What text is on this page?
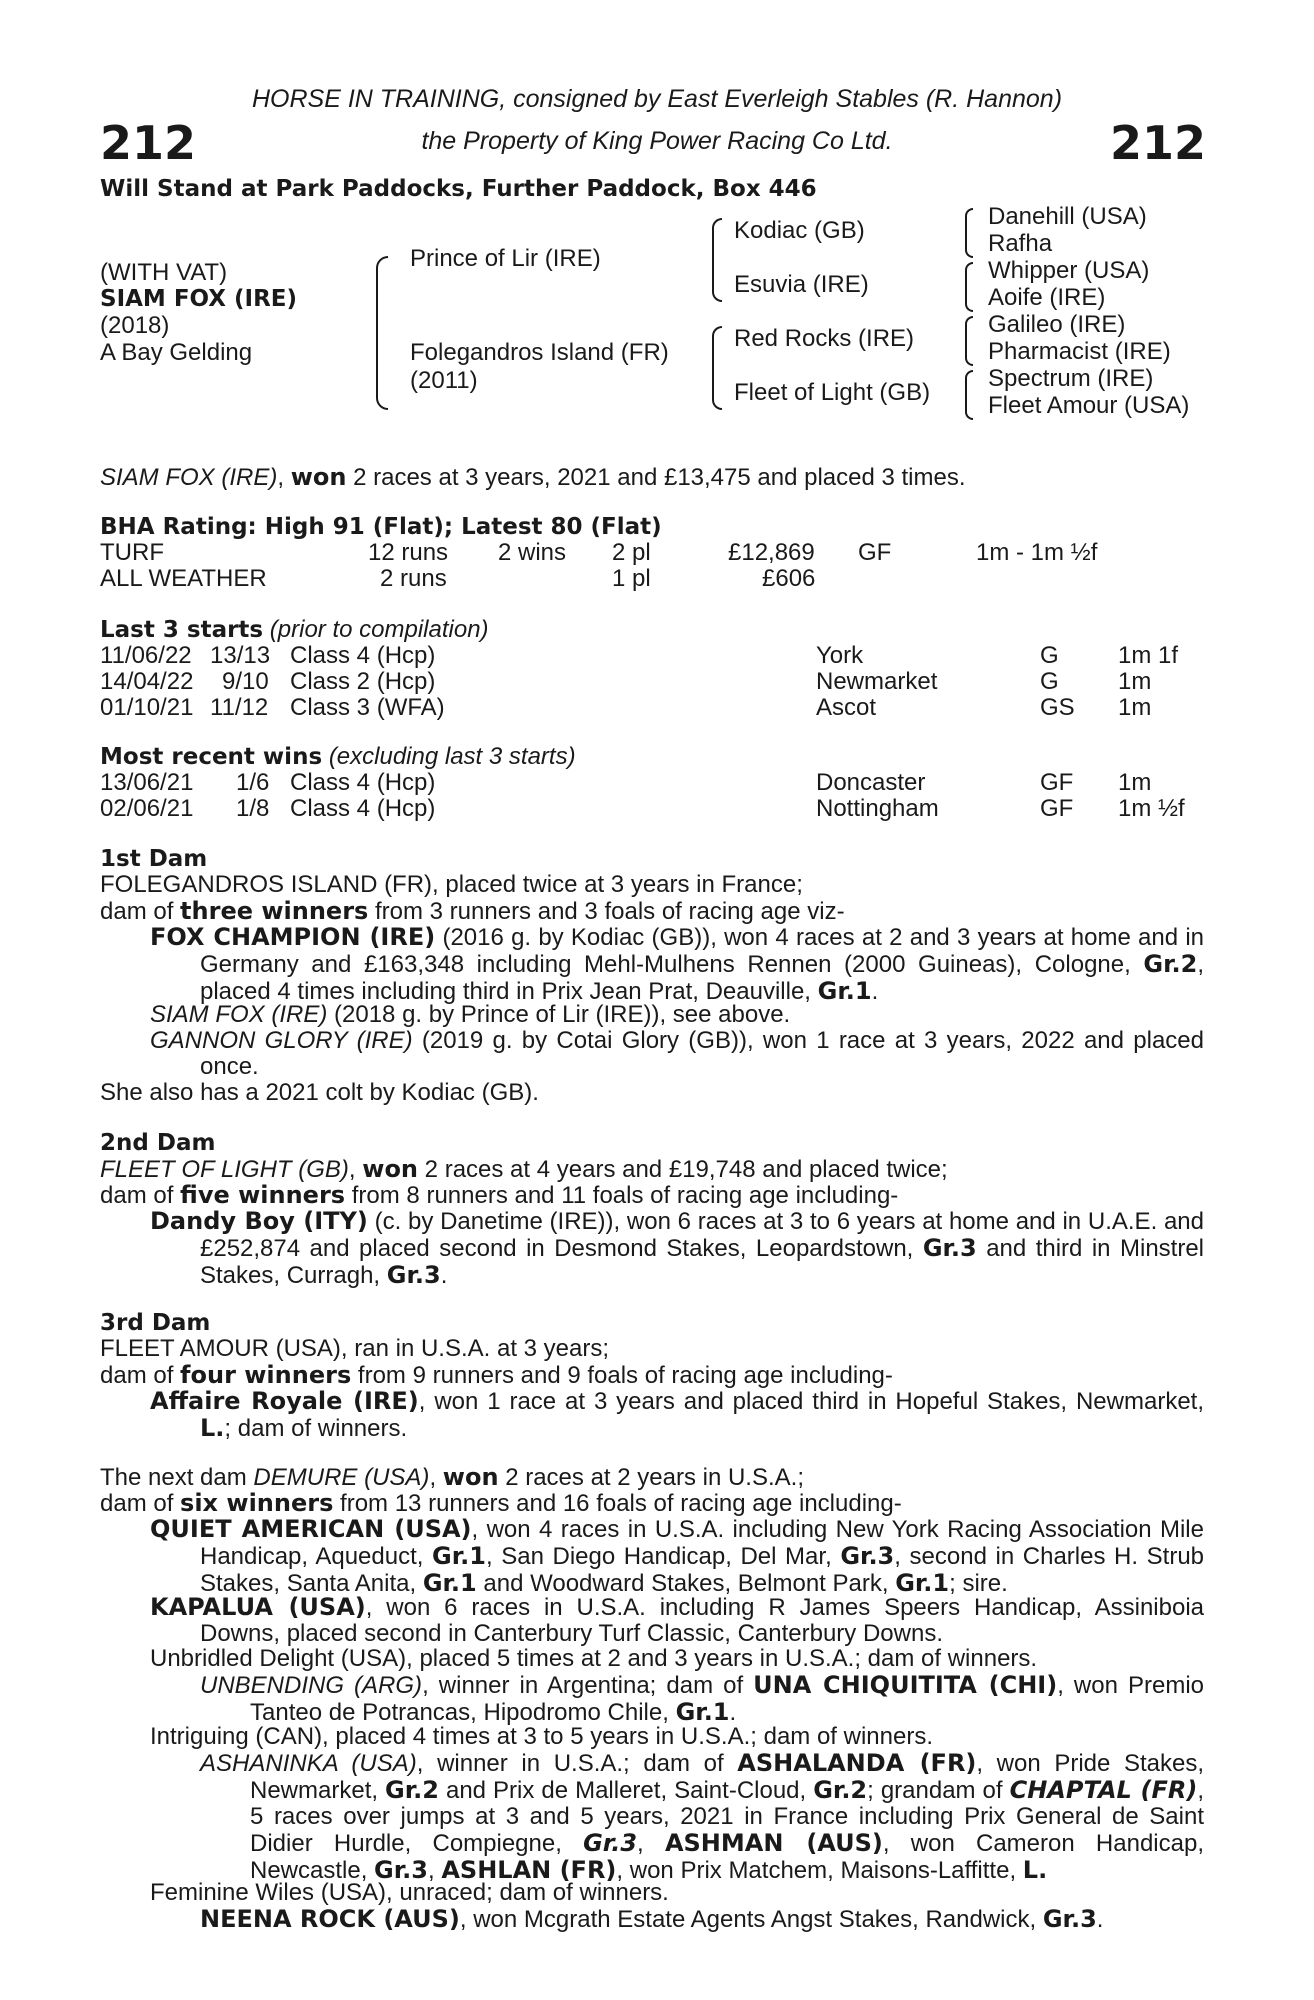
212	212
HORSE IN TRAINING, consigned by East Everleigh Stables (R. Hannon)
the Property of King Power Racing Co Ltd.
Will Stand at Park Paddocks, Further Paddock, Box 446
(WITH VAT)
SIAM FOX (IRE)
(2018)
A Bay Gelding
Prince of Lir (IRE)
Folegandros Island (FR)
(2011)
Kodiac (GB)
Esuvia (IRE)
Red Rocks (IRE)
Fleet of Light (GB)
Danehill (USA)
Rafha
Whipper (USA)
Aoife (IRE)
Galileo (IRE)
Pharmacist (IRE)
Spectrum (IRE)
Fleet Amour (USA)
SIAM FOX (IRE), won 2 races at 3 years, 2021 and £13,475 and placed 3 times.
BHA Rating: High 91 (Flat); Latest 80 (Flat)
TURF	12 runs 2 wins 2 pl	£12,869 GF	1m - 1m ½f
ALL WEATHER	2 runs	1 pl	£606
Last 3 starts (prior to compilation)
11/06/22 13/13 Class 4 (Hcp)	York	G 1m 1f
14/04/22 9/10 Class 2 (Hcp)	Newmarket	G 1m
01/10/21 11/12 Class 3 (WFA)	Ascot	GS 1m
Most recent wins (excluding last 3 starts)
13/06/21 1/6 Class 4 (Hcp)	Doncaster	GF 1m
02/06/21 1/8 Class 4 (Hcp)	Nottingham	GF 1m ½f
1st Dam
FOLEGANDROS ISLAND (FR), placed twice at 3 years in France;
dam of three winners from 3 runners and 3 foals of racing age viz-
FOX CHAMPION (IRE) (2016 g. by Kodiac (GB)), won 4 races at 2 and 3 years at home and in Germany and £163,348 including Mehl-Mulhens Rennen (2000 Guineas), Cologne, Gr.2, placed 4 times including third in Prix Jean Prat, Deauville, Gr.1.
SIAM FOX (IRE) (2018 g. by Prince of Lir (IRE)), see above.
GANNON GLORY (IRE) (2019 g. by Cotai Glory (GB)), won 1 race at 3 years, 2022 and placed once.
She also has a 2021 colt by Kodiac (GB).
2nd Dam
FLEET OF LIGHT (GB), won 2 races at 4 years and £19,748 and placed twice;
dam of five winners from 8 runners and 11 foals of racing age including-
Dandy Boy (ITY) (c. by Danetime (IRE)), won 6 races at 3 to 6 years at home and in U.A.E. and £252,874 and placed second in Desmond Stakes, Leopardstown, Gr.3 and third in Minstrel Stakes, Curragh, Gr.3.
3rd Dam
FLEET AMOUR (USA), ran in U.S.A. at 3 years;
dam of four winners from 9 runners and 9 foals of racing age including-
Affaire Royale (IRE), won 1 race at 3 years and placed third in Hopeful Stakes, Newmarket, L.; dam of winners.
The next dam DEMURE (USA), won 2 races at 2 years in U.S.A.;
dam of six winners from 13 runners and 16 foals of racing age including-
QUIET AMERICAN (USA), won 4 races in U.S.A. including New York Racing Association Mile Handicap, Aqueduct, Gr.1, San Diego Handicap, Del Mar, Gr.3, second in Charles H. Strub Stakes, Santa Anita, Gr.1 and Woodward Stakes, Belmont Park, Gr.1; sire.
KAPALUA (USA), won 6 races in U.S.A. including R James Speers Handicap, Assiniboia Downs, placed second in Canterbury Turf Classic, Canterbury Downs.
Unbridled Delight (USA), placed 5 times at 2 and 3 years in U.S.A.; dam of winners.
UNBENDING (ARG), winner in Argentina; dam of UNA CHIQUITITA (CHI), won Premio Tanteo de Potrancas, Hipodromo Chile, Gr.1.
Intriguing (CAN), placed 4 times at 3 to 5 years in U.S.A.; dam of winners.
ASHANINKA (USA), winner in U.S.A.; dam of ASHALANDA (FR), won Pride Stakes, Newmarket, Gr.2 and Prix de Malleret, Saint-Cloud, Gr.2; grandam of CHAPTAL (FR), 5 races over jumps at 3 and 5 years, 2021 in France including Prix General de Saint Didier Hurdle, Compiegne, Gr.3, ASHMAN (AUS), won Cameron Handicap, Newcastle, Gr.3, ASHLAN (FR), won Prix Matchem, Maisons-Laffitte, L.
Feminine Wiles (USA), unraced; dam of winners.
NEENA ROCK (AUS), won Mcgrath Estate Agents Angst Stakes, Randwick, Gr.3.
